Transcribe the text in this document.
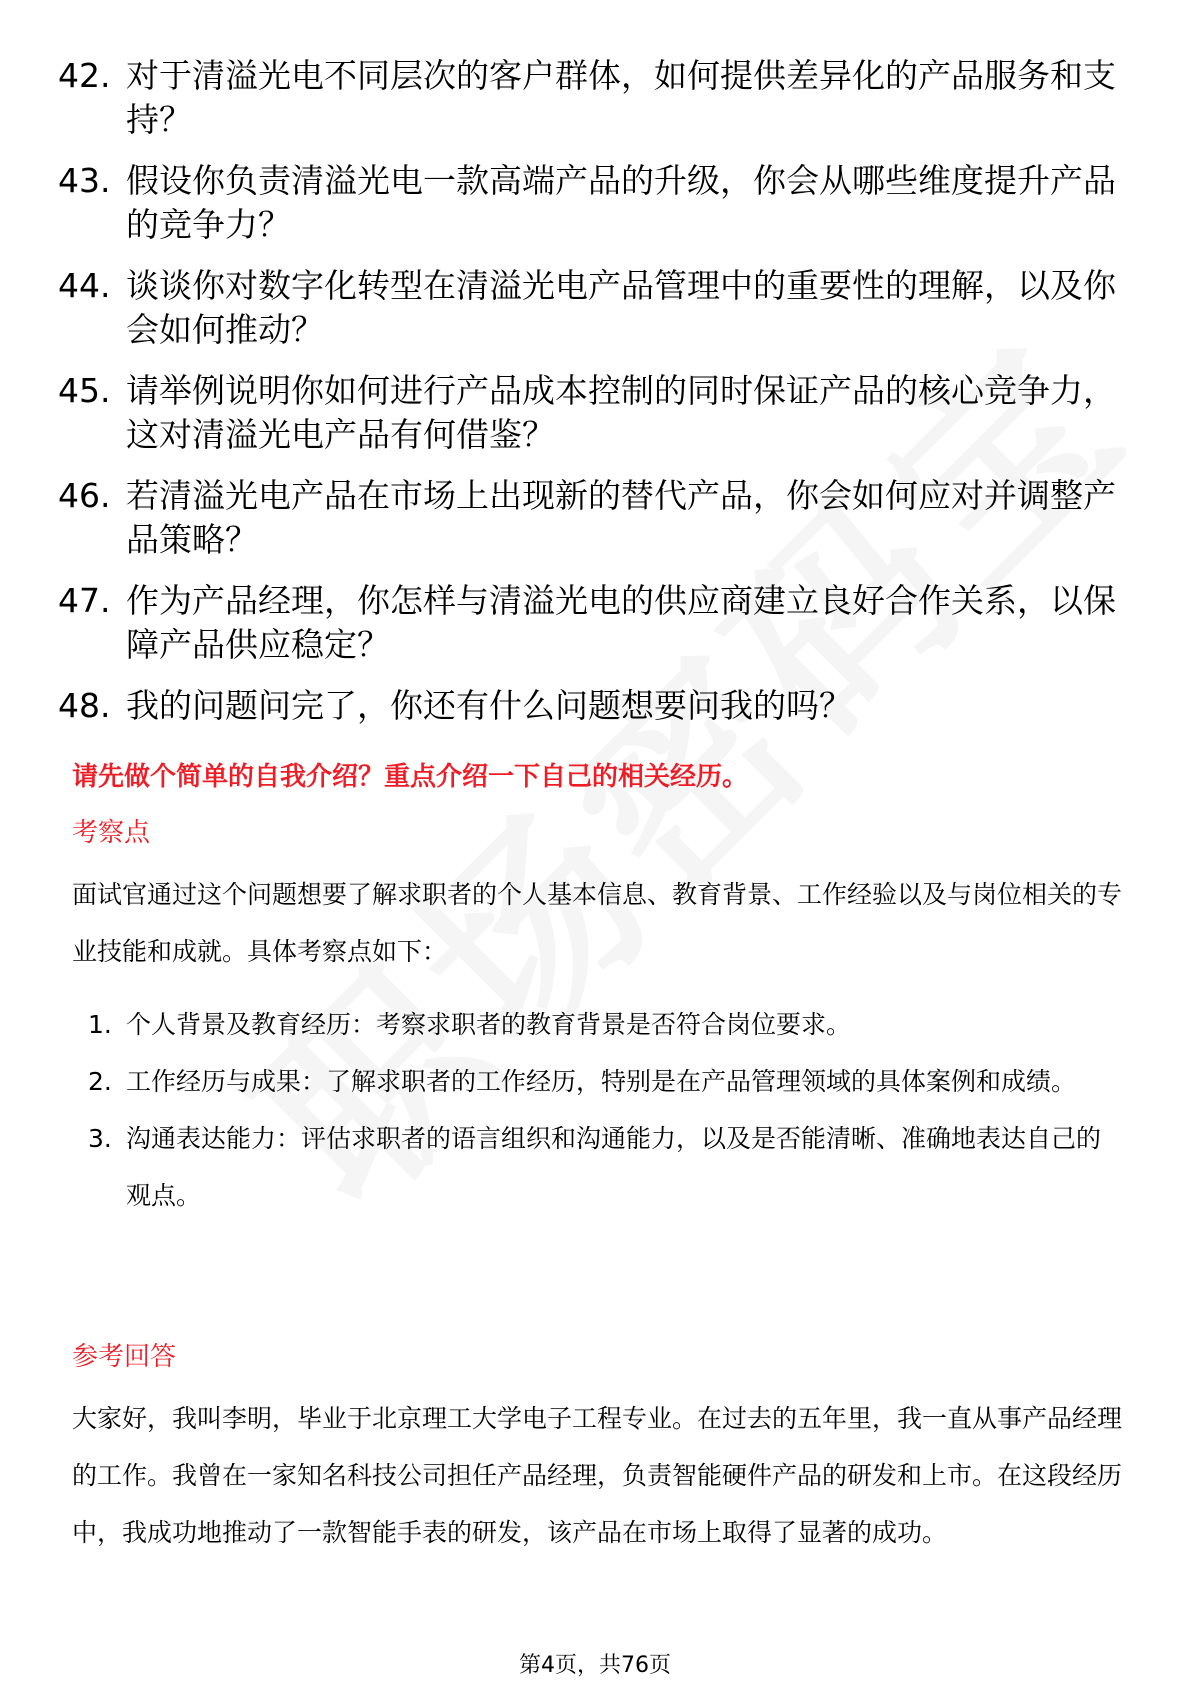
42. 对于清溢光电不同层次的客户群体，如何提供差异化的产品服务和支持？
43. 假设你负责清溢光电一款高端产品的升级，你会从哪些维度提升产品的竞争力？
44. 谈谈你对数字化转型在清溢光电产品管理中的重要性的理解，以及你会如何推动？
45. 请举例说明你如何进行产品成本控制的同时保证产品的核心竞争力，这对清溢光电产品有何借鉴？
46. 若清溢光电产品在市场上出现新的替代产品，你会如何应对并调整产品策略？
47. 作为产品经理，你怎样与清溢光电的供应商建立良好合作关系，以保障产品供应稳定？
48. 我的问题问完了，你还有什么问题想要问我的吗？
请先做个简单的自我介绍？重点介绍一下自己的相关经历。
考察点
面试官通过这个问题想要了解求职者的个人基本信息、教育背景、工作经验以及与岗位相关的专业技能和成就。具体考察点如下：
1. 个人背景及教育经历：考察求职者的教育背景是否符合岗位要求。
2. 工作经历与成果：了解求职者的工作经历，特别是在产品管理领域的具体案例和成绩。
3. 沟通表达能力：评估求职者的语言组织和沟通能力，以及是否能清晰、准确地表达自己的观点。
参考回答
大家好，我叫李明，毕业于北京理工大学电子工程专业。在过去的五年里，我一直从事产品经理的工作。我曾在一家知名科技公司担任产品经理，负责智能硬件产品的研发和上市。在这段经历中，我成功地推动了一款智能手表的研发，该产品在市场上取得了显著的成功。
第4页，共76页
